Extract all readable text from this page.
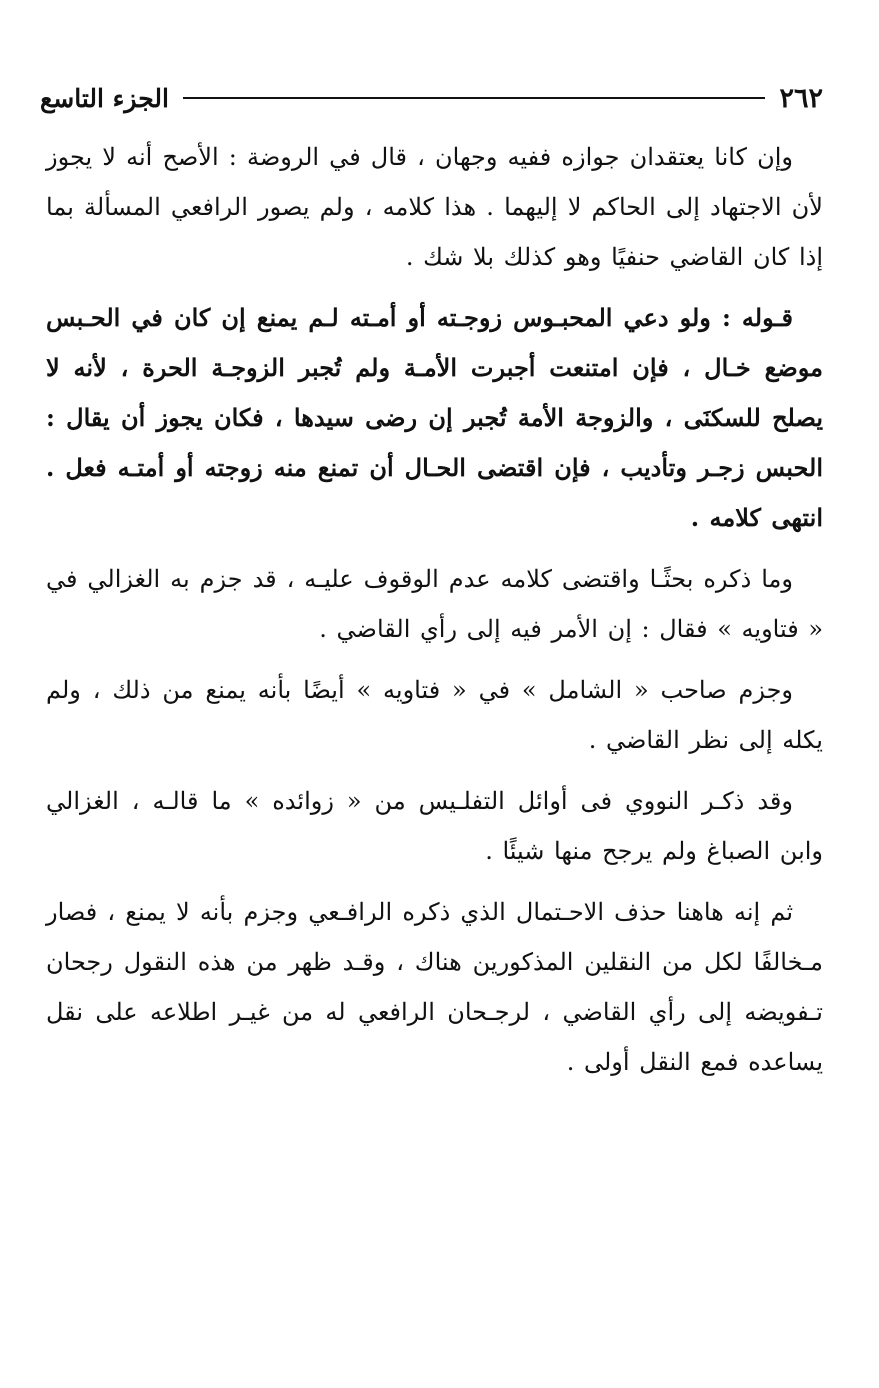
٢٦٢
الجزء التاسع

وإن كانا يعتقدان جوازه ففيه وجهان ، قال في الروضة : الأصح أنه لا يجوز لأن الاجتهاد إلى الحاكم لا إليهما . هذا كلامه ، ولم يصور الرافعي المسألة بما إذا كان القاضي حنفيًا وهو كذلك بلا شك .

قـوله : ولو دعي المحبـوس زوجـته أو أمـته لـم يمنع إن كان في الحـبس موضع خـال ، فإن امتنعت أجبرت الأمـة ولم تُجبر الزوجـة الحرة ، لأنه لا يصلح للسكنَى ، والزوجة الأمة تُجبر إن رضى سيدها ، فكان يجوز أن يقال : الحبس زجـر وتأديب ، فإن اقتضى الحـال أن تمنع منه زوجته أو أمتـه فعل . انتهى كلامه .

وما ذكره بحثًـا واقتضى كلامه عدم الوقوف عليـه ، قد جزم به الغزالي في « فتاويه » فقال : إن الأمر فيه إلى رأي القاضي .

وجزم صاحب « الشامل » في « فتاويه » أيضًا بأنه يمنع من ذلك ، ولم يكله إلى نظر القاضي .

وقد ذكـر النووي فى أوائل التفلـيس من « زوائده » ما قالـه ، الغزالي وابن الصباغ ولم يرجح منها شيئًا .

ثم إنه هاهنا حذف الاحـتمال الذي ذكره الرافـعي وجزم بأنه لا يمنع ، فصار مـخالفًا لكل من النقلين المذكورين هناك ، وقـد ظهر من هذه النقول رجحان تـفويضه إلى رأي القاضي ، لرجـحان الرافعي له من غيـر اطلاعه على نقل يساعده فمع النقل أولى .
